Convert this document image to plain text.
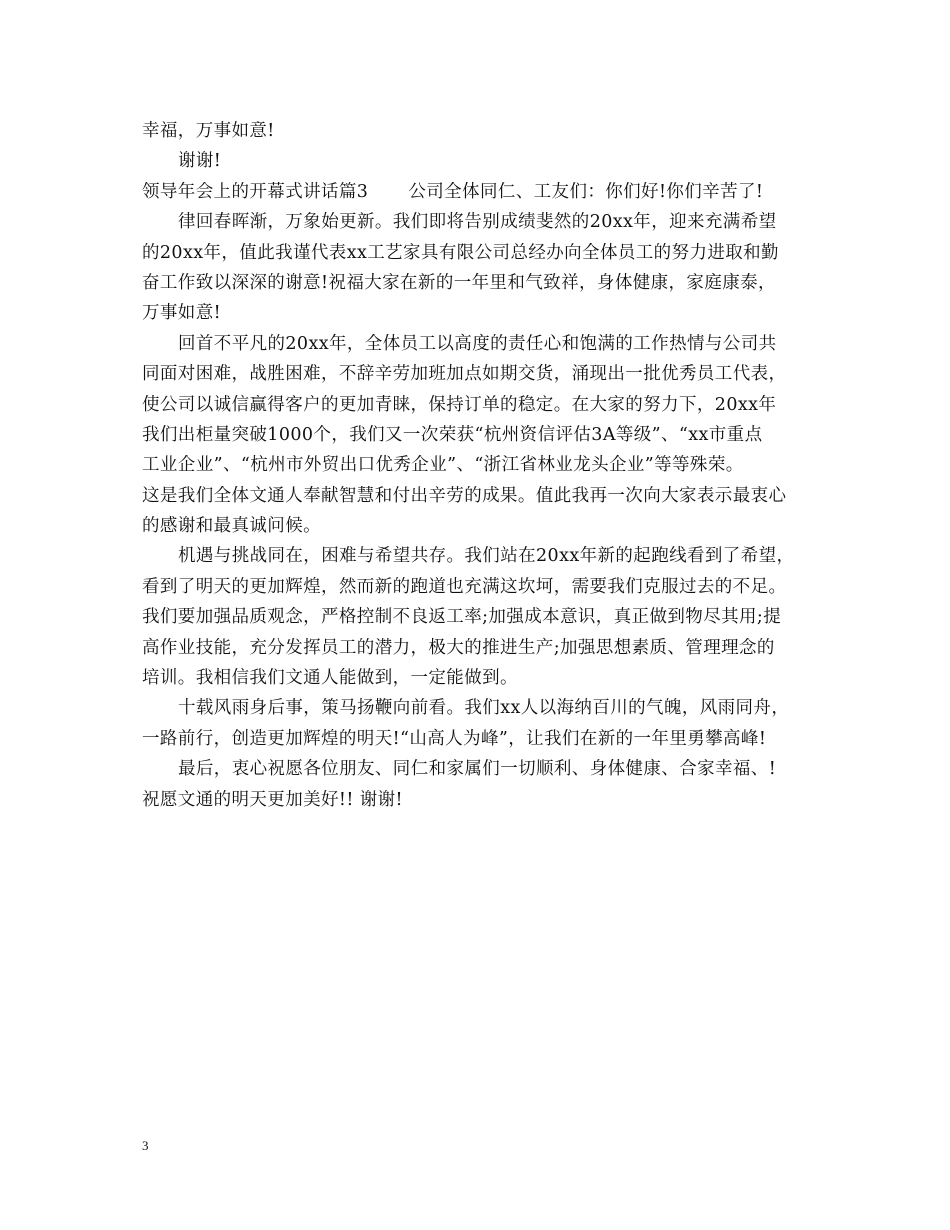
幸福，万事如意!
谢谢!
领导年会上的开幕式讲话篇3 公司全体同仁、工友们：你们好!你们辛苦了!
律回春晖渐，万象始更新。我们即将告别成绩斐然的20xx年，迎来充满希望
的20xx年，值此我谨代表xx工艺家具有限公司总经办向全体员工的努力进取和勤
奋工作致以深深的谢意!祝福大家在新的一年里和气致祥，身体健康，家庭康泰，
万事如意!
回首不平凡的20xx年，全体员工以高度的责任心和饱满的工作热情与公司共
同面对困难，战胜困难，不辞辛劳加班加点如期交货，涌现出一批优秀员工代表，
使公司以诚信赢得客户的更加青睐，保持订单的稳定。在大家的努力下，20xx年
我们出柜量突破1000个，我们又一次荣获“杭州资信评估3A等级”、“xx市重点
工业企业”、“杭州市外贸出口优秀企业”、“浙江省林业龙头企业”等等殊荣。
这是我们全体文通人奉献智慧和付出辛劳的成果。值此我再一次向大家表示最衷心
的感谢和最真诚问候。
机遇与挑战同在，困难与希望共存。我们站在20xx年新的起跑线看到了希望，
看到了明天的更加辉煌，然而新的跑道也充满这坎坷，需要我们克服过去的不足。
我们要加强品质观念，严格控制不良返工率;加强成本意识，真正做到物尽其用;提
高作业技能，充分发挥员工的潜力，极大的推进生产;加强思想素质、管理理念的
培训。我相信我们文通人能做到，一定能做到。
十载风雨身后事，策马扬鞭向前看。我们xx人以海纳百川的气魄，风雨同舟，
一路前行，创造更加辉煌的明天!“山高人为峰”，让我们在新的一年里勇攀高峰!
最后，衷心祝愿各位朋友、同仁和家属们一切顺利、身体健康、合家幸福、!
祝愿文通的明天更加美好!! 谢谢!
3
